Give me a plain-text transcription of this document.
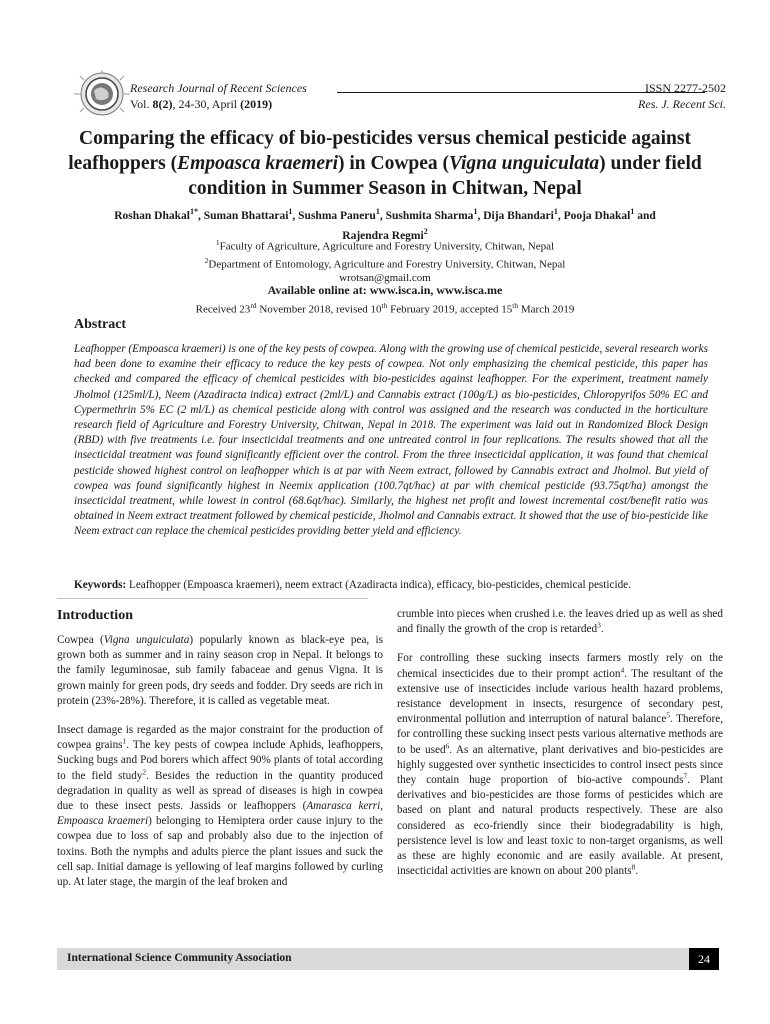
Research Journal of Recent Sciences
Vol. 8(2), 24-30, April (2019)
ISSN 2277-2502
Res. J. Recent Sci.
Comparing the efficacy of bio-pesticides versus chemical pesticide against leafhoppers (Empoasca kraemeri) in Cowpea (Vigna unguiculata) under field condition in Summer Season in Chitwan, Nepal
Roshan Dhakal$^{1*}$, Suman Bhattarai$^1$, Sushma Paneru$^1$, Sushmita Sharma$^1$, Dija Bhandari$^1$, Pooja Dhakal$^1$ and
Rajendra Regmi$^2$
$^1$Faculty of Agriculture, Agriculture and Forestry University, Chitwan, Nepal
$^2$Department of Entomology, Agriculture and Forestry University, Chitwan, Nepal
wrotsan@gmail.com
Available online at: www.isca.in, www.isca.me
Received 23rd November 2018, revised 10th February 2019, accepted 15th March 2019
Abstract

Leafhopper (Empoasca kraemeri) is one of the key pests of cowpea. Along with the growing use of chemical pesticide, several research works had been done to examine their efficacy to reduce the key pests of cowpea. Not only emphasizing the chemical pesticide, this paper has checked and compared the efficacy of chemical pesticides with bio-pesticides against leafhopper. For the experiment, treatment namely Jholmol (125ml/L), Neem (Azadiracta indica) extract (2ml/L) and Cannabis extract (100g/L) as bio-pesticides, Chloropyrifos 50% EC and Cypermethrin 5% EC (2 ml/L) as chemical pesticide along with control was assigned and the research was conducted in the horticulture research field of Agriculture and Forestry University, Chitwan, Nepal in 2018. The experiment was laid out in Randomized Block Design (RBD) with five treatments i.e. four insecticidal treatments and one untreated control in four replications. The results showed that all the insecticidal treatment was found significantly efficient over the control. From the three insecticidal application, it was found that chemical pesticide showed highest control on leafhopper which is at par with Neem extract, followed by Cannabis extract and Jholmol. But yield of cowpea was found significantly highest in Neemix application (100.7qt/hac) at par with chemical pesticide (93.75qt/ha) amongst the insecticidal treatment, while lowest in control (68.6qt/hac). Similarly, the highest net profit and lowest incremental cost/benefit ratio was obtained in Neem extract treatment followed by chemical pesticide, Jholmol and Cannabis extract. It showed that the use of bio-pesticide like Neem extract can replace the chemical pesticides providing better yield and efficiency.

Keywords: Leafhopper (Empoasca kraemeri), neem extract (Azadiracta indica), efficacy, bio-pesticides, chemical pesticide.
Introduction

Cowpea (Vigna unguiculata) popularly known as black-eye pea, is grown both as summer and in rainy season crop in Nepal. It belongs to the family leguminosae, sub family fabaceae and genus Vigna. It is grown mainly for green pods, dry seeds and fodder. Dry seeds are rich in protein (23%-28%). Therefore, it is called as vegetable meat.

Insect damage is regarded as the major constraint for the production of cowpea grains$^1$. The key pests of cowpea include Aphids, leafhoppers, Sucking bugs and Pod borers which affect 90% plants of total according to the field study$^2$. Besides the reduction in the quantity produced degradation in quality as well as spread of diseases is high in cowpea due to these insect pests. Jassids or leafhoppers (Amarasca kerri, Empoasca kraemeri) belonging to Hemiptera order cause injury to the cowpea due to loss of sap and probably also due to the injection of toxins. Both the nymphs and adults pierce the plant issues and suck the cell sap. Initial damage is yellowing of leaf margins followed by curling up. At later stage, the margin of the leaf broken and

crumble into pieces when crushed i.e. the leaves dried up as well as shed and finally the growth of the crop is retarded$^3$.

For controlling these sucking insects farmers mostly rely on the chemical insecticides due to their prompt action$^4$. The resultant of the extensive use of insecticides include various health hazard problems, resistance development in insects, resurgence of secondary pest, environmental pollution and interruption of natural balance$^5$. Therefore, for controlling these sucking insect pests various alternative methods are to be used$^6$. As an alternative, plant derivatives and bio-pesticides are highly suggested over synthetic insecticides to control insect pests since they contain huge proportion of bio-active compounds$^7$. Plant derivatives and bio-pesticides are those forms of pesticides which are based on plant and natural products respectively. These are also considered as eco-friendly since their biodegradability is high, persistence level is low and least toxic to non-target organisms, as well as these are highly economic and are easily available. At present, insecticidal activities are known on about 200 plants$^8$.

International Science Community Association	24
